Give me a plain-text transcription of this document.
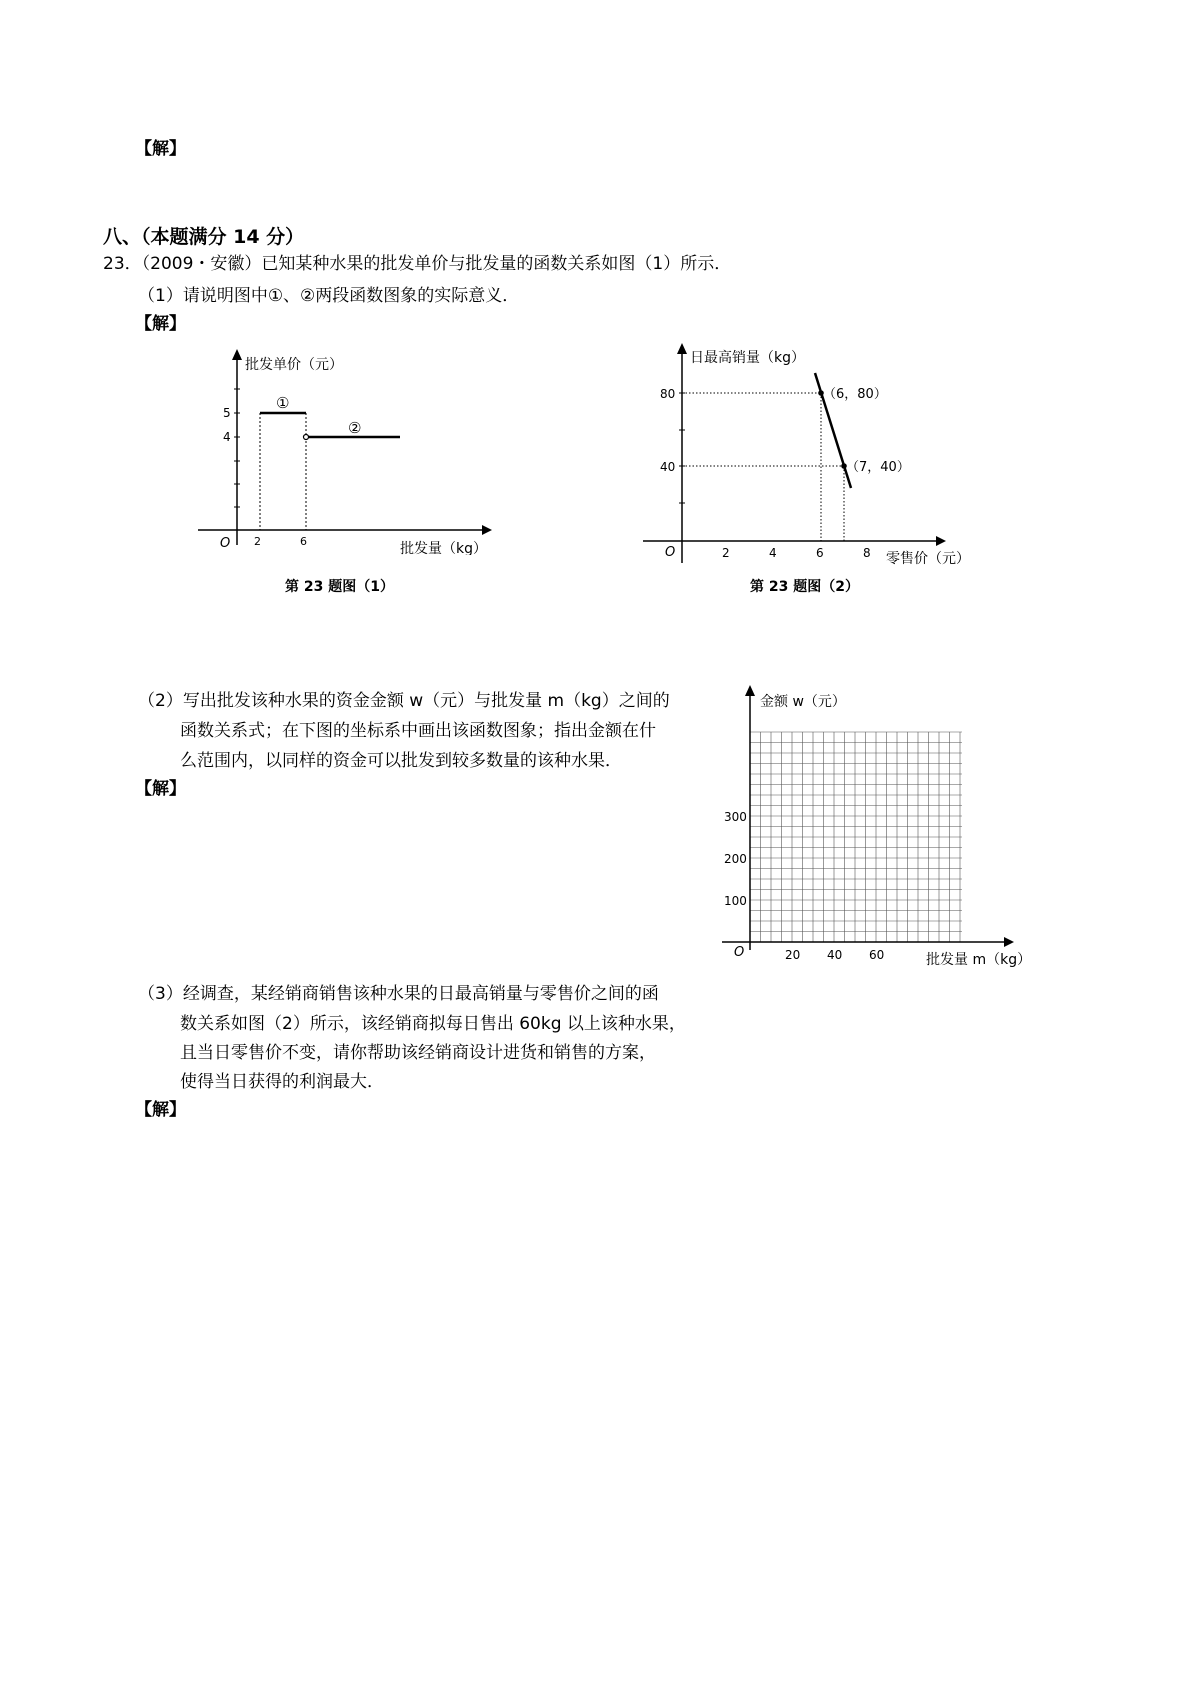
【解】
八、（本题满分 14 分）
23．（2009・安徽）已知某种水果的批发单价与批发量的函数关系如图（1）所示．
（1）请说明图中①、②两段函数图象的实际意义．
【解】
批发单价（元）
批发量（kg）
O 2	6
5
4
①
②
第 23 题图（1）
日最高销量（kg）
零售价（元）
O	2	4	6	8
80
40
（6，80）
（7，40）
第 23 题图（2）
（2）写出批发该种水果的资金金额 w（元）与批发量 m（kg）之间的
函数关系式；在下图的坐标系中画出该函数图象；指出金额在什
么范围内，以同样的资金可以批发到较多数量的该种水果．
【解】
金额 w（元）
批发量 m（kg）
O	20 40 60
300
200
100
（3）经调查，某经销商销售该种水果的日最高销量与零售价之间的函
数关系如图（2）所示，该经销商拟每日售出 60kg 以上该种水果，
且当日零售价不变，请你帮助该经销商设计进货和销售的方案，
使得当日获得的利润最大．
【解】
